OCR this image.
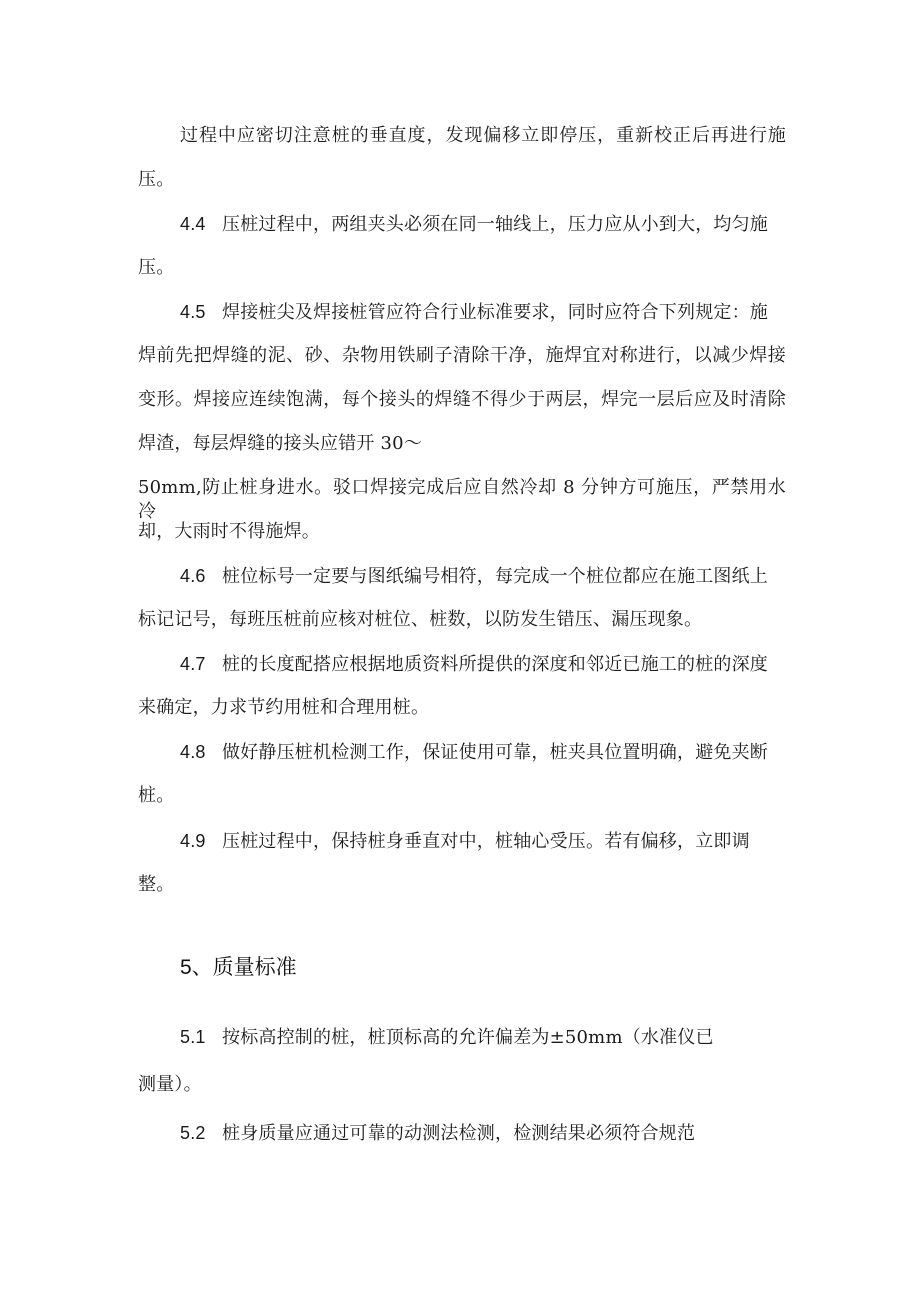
过程中应密切注意桩的垂直度，发现偏移立即停压，重新校正后再进行施
压。
4.4 压桩过程中，两组夹头必须在同一轴线上，压力应从小到大，均匀施
压。
4.5 焊接桩尖及焊接桩管应符合行业标准要求，同时应符合下列规定：施
焊前先把焊缝的泥、砂、杂物用铁刷子清除干净，施焊宜对称进行，以减少焊接
变形。焊接应连续饱满，每个接头的焊缝不得少于两层，焊完一层后应及时清除
焊渣，每层焊缝的接头应错开 30～
50mm,防止桩身进水。驳口焊接完成后应自然冷却 8 分钟方可施压，严禁用水冷
却，大雨时不得施焊。
4.6 桩位标号一定要与图纸编号相符，每完成一个桩位都应在施工图纸上
标记记号，每班压桩前应核对桩位、桩数，以防发生错压、漏压现象。
4.7 桩的长度配搭应根据地质资料所提供的深度和邻近已施工的桩的深度
来确定，力求节约用桩和合理用桩。
4.8 做好静压桩机检测工作，保证使用可靠，桩夹具位置明确，避免夹断
桩。
4.9 压桩过程中，保持桩身垂直对中，桩轴心受压。若有偏移，立即调
整。
5、质量标准
5.1 按标高控制的桩，桩顶标高的允许偏差为±50mm（水准仪已
测量）。
5.2 桩身质量应通过可靠的动测法检测，检测结果必须符合规范
